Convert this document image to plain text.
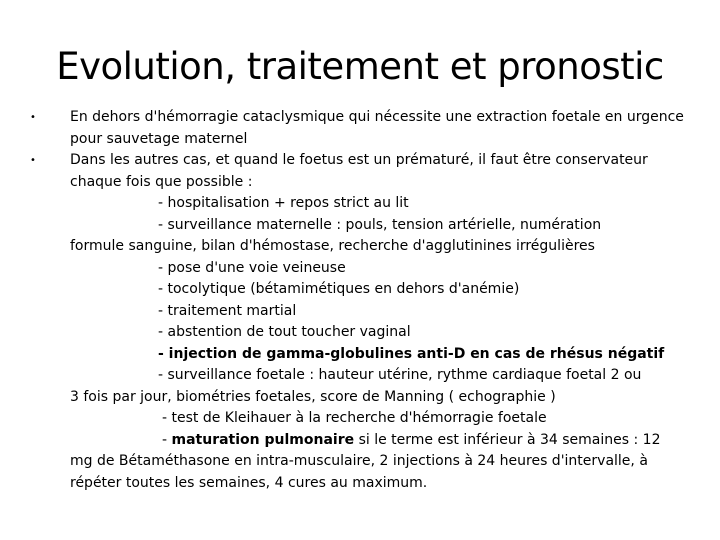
Evolution, traitement et pronostic
• En dehors d'hémorragie cataclysmique qui nécessite une extraction foetale en urgence pour sauvetage maternel
• Dans les autres cas, et quand le foetus est un prématuré, il faut être conservateur chaque fois que possible :
- hospitalisation + repos strict au lit
- surveillance maternelle : pouls, tension artérielle, numération
formule sanguine, bilan d'hémostase, recherche d'agglutinines irrégulières
- pose d'une voie veineuse
- tocolytique (bétamimétiques en dehors d'anémie)
- traitement martial
- abstention de tout toucher vaginal
- injection de gamma-globulines anti-D en cas de rhésus négatif
- surveillance foetale : hauteur utérine, rythme cardiaque foetal 2 ou
3 fois par jour, biométries foetales, score de Manning ( echographie )
- test de Kleihauer à la recherche d'hémorragie foetale
- maturation pulmonaire si le terme est inférieur à 34 semaines : 12
mg de Bétaméthasone en intra-musculaire, 2 injections à 24 heures d'intervalle, à répéter toutes les semaines, 4 cures au maximum.
